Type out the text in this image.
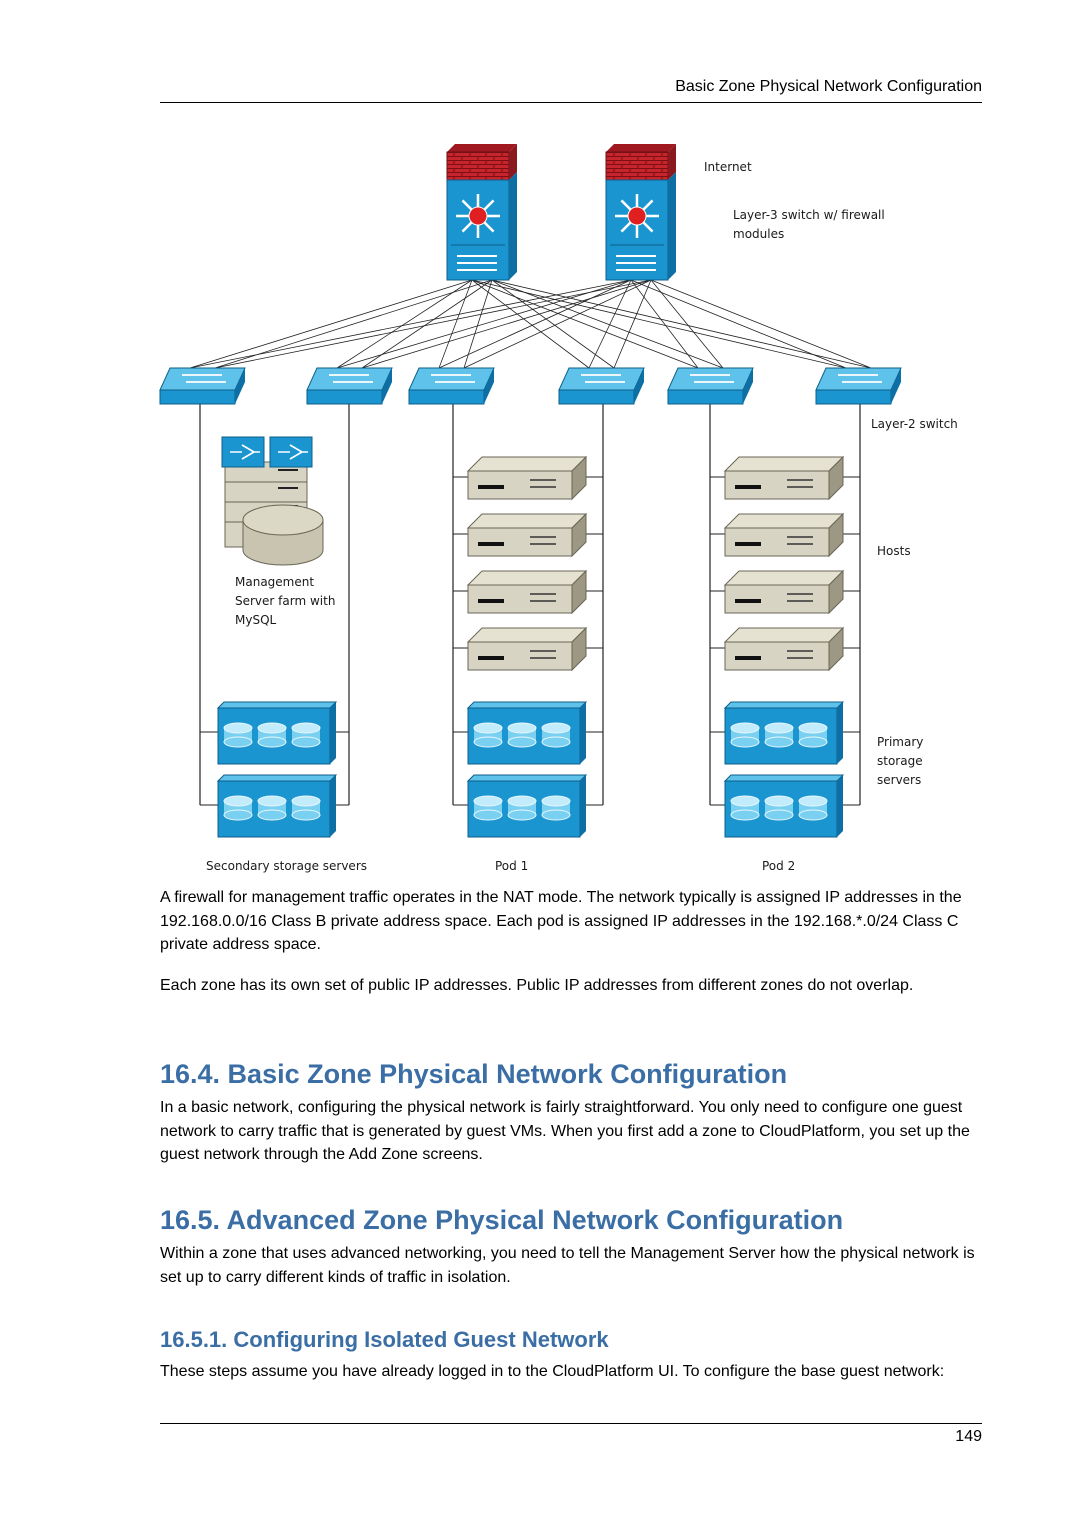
Basic Zone Physical Network Configuration
Internet
Layer-3 switch w/ firewall
modules
Layer-2 switch
Hosts
Management
Server farm with
MySQL
Primary
storage
servers
Secondary storage servers	Pod 1	Pod 2

A firewall for management traffic operates in the NAT mode. The network typically is assigned IP addresses in the 192.168.0.0/16 Class B private address space. Each pod is assigned IP addresses in the 192.168.*.0/24 Class C private address space.

Each zone has its own set of public IP addresses. Public IP addresses from different zones do not overlap.

16.4. Basic Zone Physical Network Configuration

In a basic network, configuring the physical network is fairly straightforward. You only need to configure one guest network to carry traffic that is generated by guest VMs. When you first add a zone to CloudPlatform, you set up the guest network through the Add Zone screens.

16.5. Advanced Zone Physical Network Configuration

Within a zone that uses advanced networking, you need to tell the Management Server how the physical network is set up to carry different kinds of traffic in isolation.

16.5.1. Configuring Isolated Guest Network

These steps assume you have already logged in to the CloudPlatform UI. To configure the base guest network:

149
